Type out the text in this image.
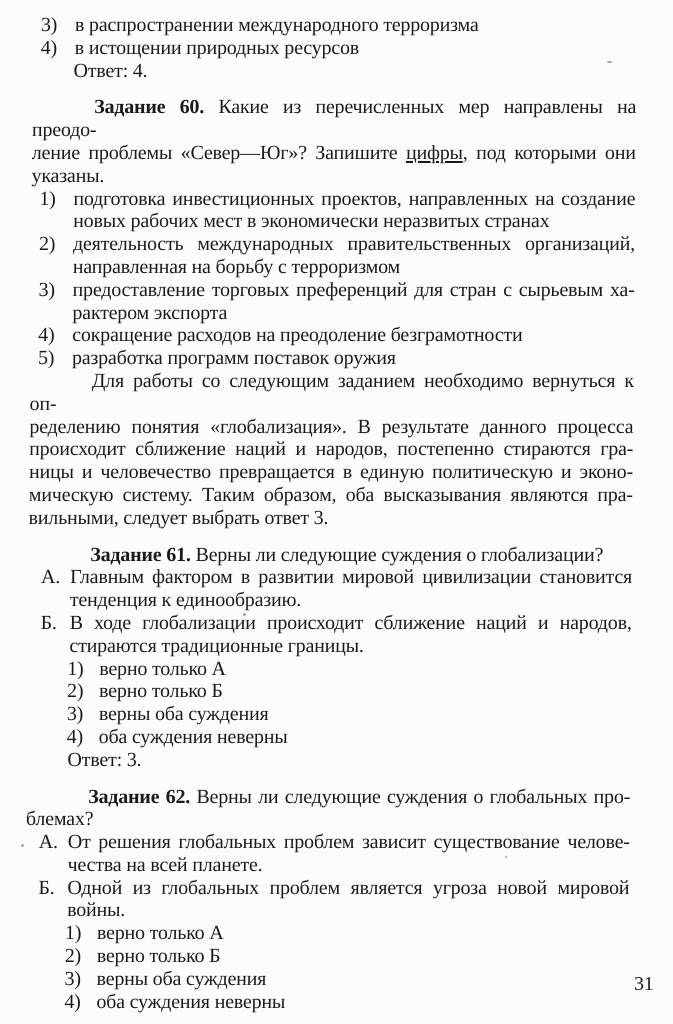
3) в распространении международного терроризма
4) в истощении природных ресурсов
Ответ: 4.
Задание 60. Какие из перечисленных мер направлены на преодо-
ление проблемы «Север—Юг»? Запишите цифры, под которыми они
указаны.
1) подготовка инвестиционных проектов, направленных на создание
новых рабочих мест в экономически неразвитых странах
2) деятельность международных правительственных организаций,
направленная на борьбу с терроризмом
3) предоставление торговых преференций для стран с сырьевым ха-
рактером экспорта
4) сокращение расходов на преодоление безграмотности
5) разработка программ поставок оружия
Для работы со следующим заданием необходимо вернуться к оп-
ределению понятия «глобализация». В результате данного процесса
происходит сближение наций и народов, постепенно стираются гра-
ницы и человечество превращается в единую политическую и эконо-
мическую систему. Таким образом, оба высказывания являются пра-
вильными, следует выбрать ответ 3.
Задание 61. Верны ли следующие суждения о глобализации?
А. Главным фактором в развитии мировой цивилизации становится
тенденция к единообразию.
Б. В ходе глобализации происходит сближение наций и народов,
стираются традиционные границы.
1) верно только А
2) верно только Б
3) верны оба суждения
4) оба суждения неверны
Ответ: 3.
Задание 62. Верны ли следующие суждения о глобальных про-
блемах?
А. От решения глобальных проблем зависит существование челове-
чества на всей планете.
Б. Одной из глобальных проблем является угроза новой мировой
войны.
1) верно только А
2) верно только Б
3) верны оба суждения
4) оба суждения неверны
31
